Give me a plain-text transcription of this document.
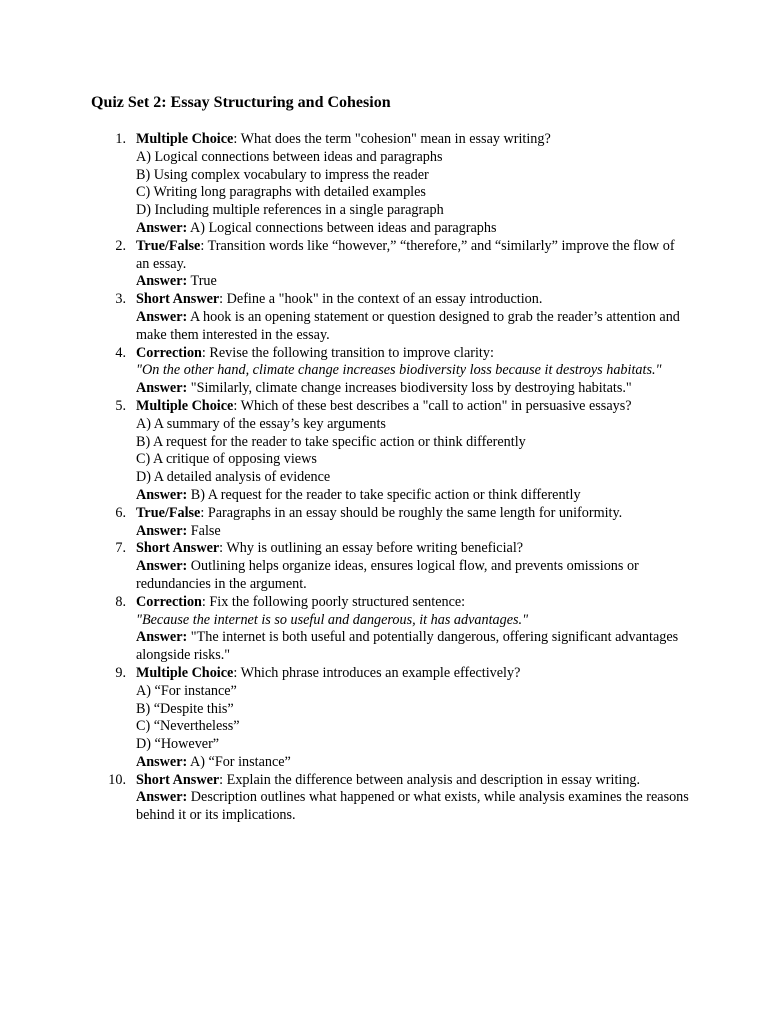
Quiz Set 2: Essay Structuring and Cohesion
1. Multiple Choice: What does the term "cohesion" mean in essay writing?
A) Logical connections between ideas and paragraphs
B) Using complex vocabulary to impress the reader
C) Writing long paragraphs with detailed examples
D) Including multiple references in a single paragraph
Answer: A) Logical connections between ideas and paragraphs
2. True/False: Transition words like “however,” “therefore,” and “similarly” improve the flow of an essay.
Answer: True
3. Short Answer: Define a "hook" in the context of an essay introduction.
Answer: A hook is an opening statement or question designed to grab the reader’s attention and make them interested in the essay.
4. Correction: Revise the following transition to improve clarity:
"On the other hand, climate change increases biodiversity loss because it destroys habitats."
Answer: "Similarly, climate change increases biodiversity loss by destroying habitats."
5. Multiple Choice: Which of these best describes a "call to action" in persuasive essays?
A) A summary of the essay’s key arguments
B) A request for the reader to take specific action or think differently
C) A critique of opposing views
D) A detailed analysis of evidence
Answer: B) A request for the reader to take specific action or think differently
6. True/False: Paragraphs in an essay should be roughly the same length for uniformity.
Answer: False
7. Short Answer: Why is outlining an essay before writing beneficial?
Answer: Outlining helps organize ideas, ensures logical flow, and prevents omissions or redundancies in the argument.
8. Correction: Fix the following poorly structured sentence:
"Because the internet is so useful and dangerous, it has advantages."
Answer: "The internet is both useful and potentially dangerous, offering significant advantages alongside risks."
9. Multiple Choice: Which phrase introduces an example effectively?
A) “For instance”
B) “Despite this”
C) “Nevertheless”
D) “However”
Answer: A) “For instance”
10. Short Answer: Explain the difference between analysis and description in essay writing.
Answer: Description outlines what happened or what exists, while analysis examines the reasons behind it or its implications.
